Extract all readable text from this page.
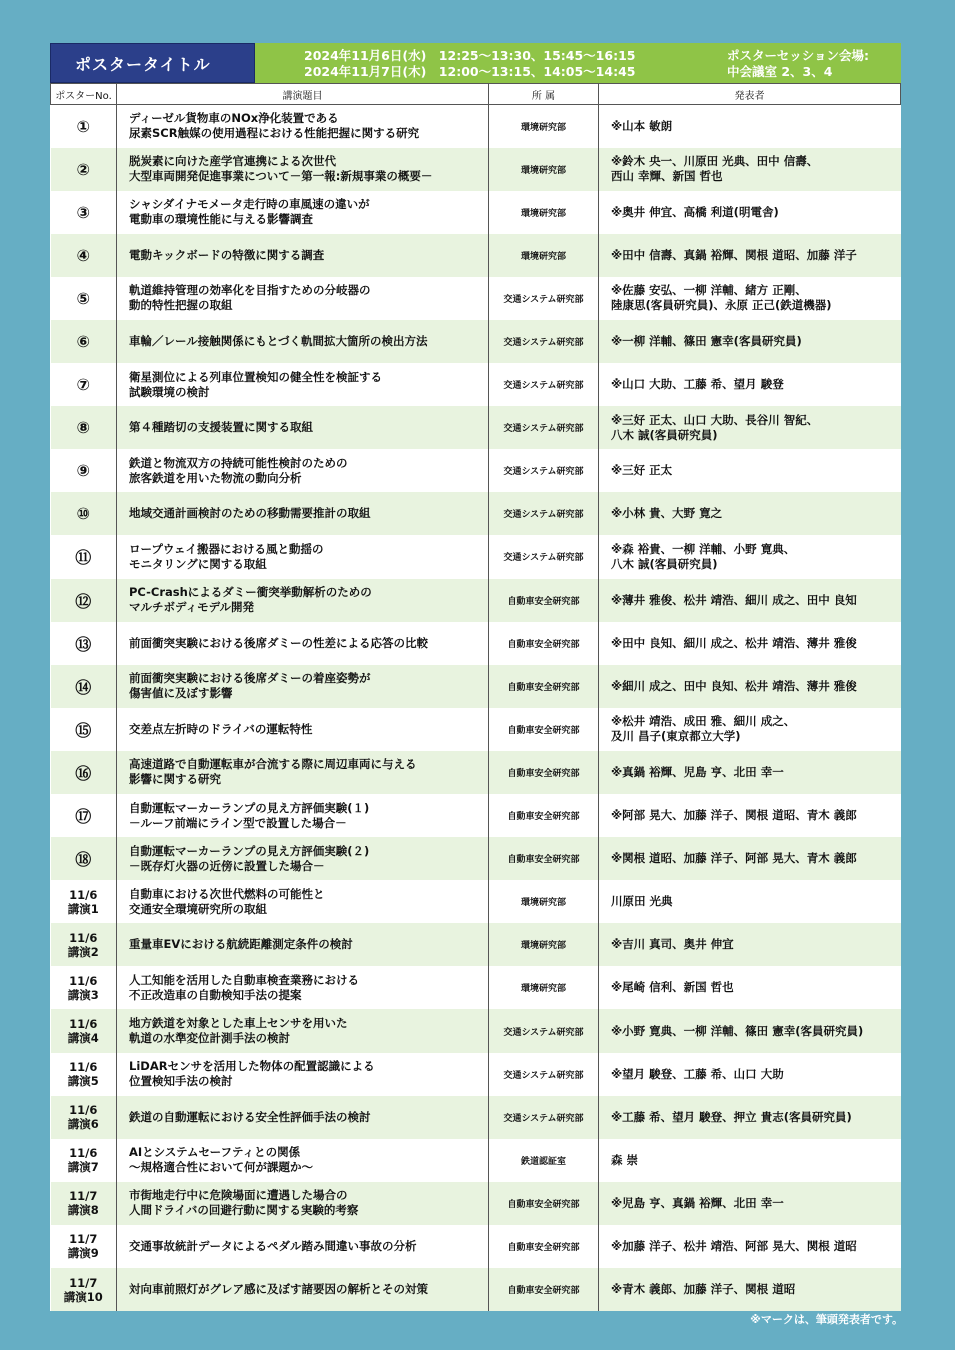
ポスタータイトル	2024年11月6日(水)　12:25～13:30、15:45～16:15
2024年11月7日(木)　12:00～13:15、14:05～14:45
ポスターセッション会場:
中会議室 2、3、4
ポスターNo.	講演題目	所 属	発表者
①	ディーゼル貨物車のNOx浄化装置である
尿素SCR触媒の使用過程における性能把握に関する研究	環境研究部	※山本 敏朗
②	脱炭素に向けた産学官連携による次世代
大型車両開発促進事業について－第一報:新規事業の概要－	環境研究部	※鈴木 央一、川原田 光典、田中 信壽、
西山 幸輝、新国 哲也
③	シャシダイナモメータ走行時の車風速の違いが
電動車の環境性能に与える影響調査	環境研究部	※奥井 伸宜、高橋 利道(明電舎)
④	電動キックボードの特徴に関する調査	環境研究部	※田中 信壽、真鍋 裕輝、関根 道昭、加藤 洋子
⑤	軌道維持管理の効率化を目指すための分岐器の
動的特性把握の取組	交通システム研究部	※佐藤 安弘、一柳 洋輔、緒方 正剛、
陸康思(客員研究員)、永原 正己(鉄道機器)
⑥	車輪／レール接触関係にもとづく軌間拡大箇所の検出方法	交通システム研究部	※一柳 洋輔、篠田 憲幸(客員研究員)
⑦	衛星測位による列車位置検知の健全性を検証する
試験環境の検討	交通システム研究部	※山口 大助、工藤 希、望月 駿登
⑧	第４種踏切の支援装置に関する取組	交通システム研究部	※三好 正太、山口 大助、長谷川 智紀、
八木 誠(客員研究員)
⑨	鉄道と物流双方の持続可能性検討のための
旅客鉄道を用いた物流の動向分析	交通システム研究部	※三好 正太
⑩	地域交通計画検討のための移動需要推計の取組	交通システム研究部	※小林 貴、大野 寛之
⑪	ロープウェイ搬器における風と動揺の
モニタリングに関する取組	交通システム研究部	※森 裕貴、一柳 洋輔、小野 寛典、
八木 誠(客員研究員)
⑫	PC-Crashによるダミー衝突挙動解析のための
マルチボディモデル開発	自動車安全研究部	※薄井 雅俊、松井 靖浩、細川 成之、田中 良知
⑬	前面衝突実験における後席ダミーの性差による応答の比較	自動車安全研究部	※田中 良知、細川 成之、松井 靖浩、薄井 雅俊
⑭	前面衝突実験における後席ダミーの着座姿勢が
傷害値に及ぼす影響	自動車安全研究部	※細川 成之、田中 良知、松井 靖浩、薄井 雅俊
⑮	交差点左折時のドライバの運転特性	自動車安全研究部	※松井 靖浩、成田 雅、細川 成之、
及川 昌子(東京都立大学)
⑯	高速道路で自動運転車が合流する際に周辺車両に与える
影響に関する研究	自動車安全研究部	※真鍋 裕輝、児島 亨、北田 幸一
⑰	自動運転マーカーランプの見え方評価実験(１)
－ルーフ前端にライン型で設置した場合－	自動車安全研究部	※阿部 晃大、加藤 洋子、関根 道昭、青木 義郎
⑱	自動運転マーカーランプの見え方評価実験(２)
－既存灯火器の近傍に設置した場合－	自動車安全研究部	※関根 道昭、加藤 洋子、阿部 晃大、青木 義郎
11/6
講演1	自動車における次世代燃料の可能性と
交通安全環境研究所の取組	環境研究部	川原田 光典
11/6
講演2	重量車EVにおける航続距離測定条件の検討	環境研究部	※吉川 真司、奥井 伸宜
11/6
講演3	人工知能を活用した自動車検査業務における
不正改造車の自動検知手法の提案	環境研究部	※尾崎 信利、新国 哲也
11/6
講演4	地方鉄道を対象とした車上センサを用いた
軌道の水準変位計測手法の検討	交通システム研究部	※小野 寛典、一柳 洋輔、篠田 憲幸(客員研究員)
11/6
講演5	LiDARセンサを活用した物体の配置認識による
位置検知手法の検討	交通システム研究部	※望月 駿登、工藤 希、山口 大助
11/6
講演6	鉄道の自動運転における安全性評価手法の検討	交通システム研究部	※工藤 希、望月 駿登、押立 貴志(客員研究員)
11/6
講演7	AIとシステムセーフティとの関係
～規格適合性において何が課題か～	鉄道認証室	森 崇
11/7
講演8	市街地走行中に危険場面に遭遇した場合の
人間ドライバの回避行動に関する実験的考察	自動車安全研究部	※児島 亨、真鍋 裕輝、北田 幸一
11/7
講演9	交通事故統計データによるペダル踏み間違い事故の分析	自動車安全研究部	※加藤 洋子、松井 靖浩、阿部 晃大、関根 道昭
11/7
講演10	対向車前照灯がグレア感に及ぼす諸要因の解析とその対策	自動車安全研究部	※青木 義郎、加藤 洋子、関根 道昭
※マークは、筆頭発表者です。
